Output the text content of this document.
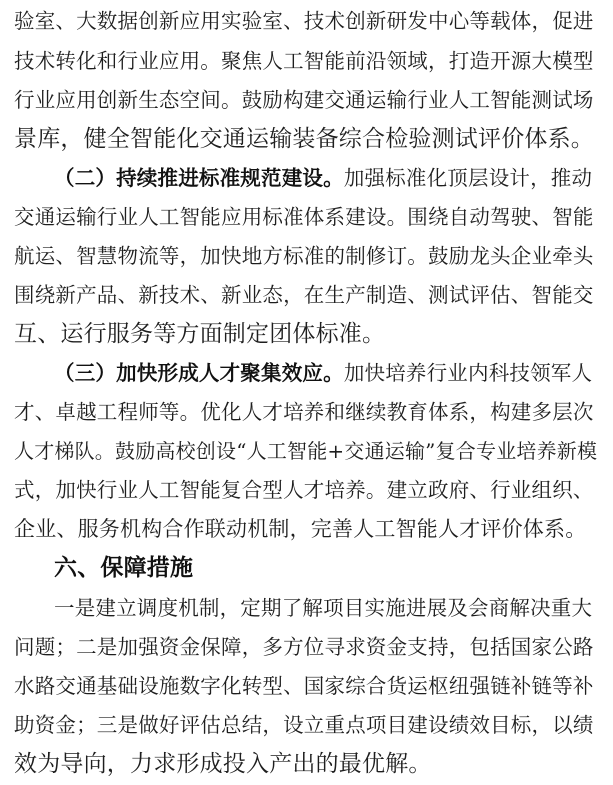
验室、大数据创新应用实验室、技术创新研发中心等载体，促进
技术转化和行业应用。聚焦人工智能前沿领域，打造开源大模型
行业应用创新生态空间。鼓励构建交通运输行业人工智能测试场
景库，健全智能化交通运输装备综合检验测试评价体系。
（二）持续推进标准规范建设。加强标准化顶层设计，推动
交通运输行业人工智能应用标准体系建设。围绕自动驾驶、智能
航运、智慧物流等，加快地方标准的制修订。鼓励龙头企业牵头
围绕新产品、新技术、新业态，在生产制造、测试评估、智能交
互、运行服务等方面制定团体标准。
（三）加快形成人才聚集效应。加快培养行业内科技领军人
才、卓越工程师等。优化人才培养和继续教育体系，构建多层次
人才梯队。鼓励高校创设“人工智能+交通运输”复合专业培养新模
式，加快行业人工智能复合型人才培养。建立政府、行业组织、
企业、服务机构合作联动机制，完善人工智能人才评价体系。
六、保障措施
一是建立调度机制，定期了解项目实施进展及会商解决重大
问题；二是加强资金保障，多方位寻求资金支持，包括国家公路
水路交通基础设施数字化转型、国家综合货运枢纽强链补链等补
助资金；三是做好评估总结，设立重点项目建设绩效目标，以绩
效为导向，力求形成投入产出的最优解。
